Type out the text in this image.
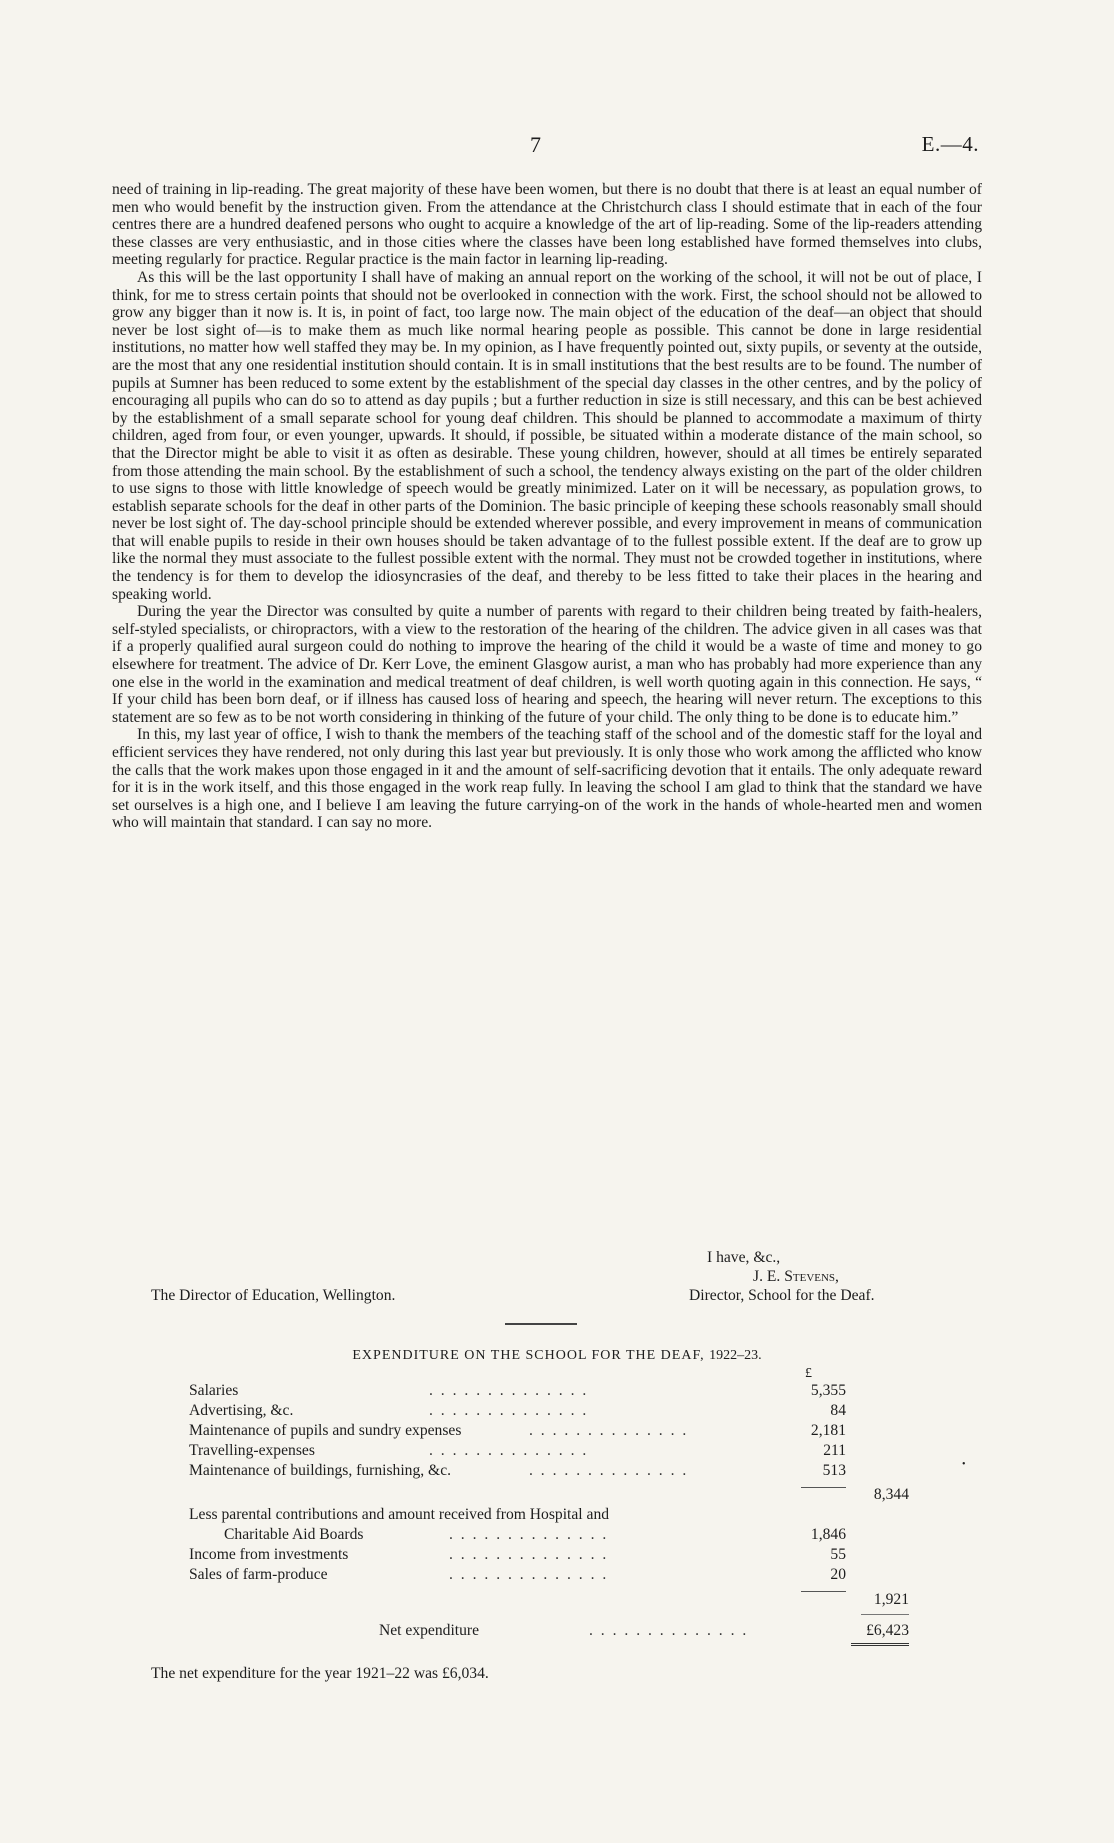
7	E.—4.

need of training in lip-reading. The great majority of these have been women, but there is no doubt that there is at least an equal number of men who would benefit by the instruction given. From the attendance at the Christchurch class I should estimate that in each of the four centres there are a hundred deafened persons who ought to acquire a knowledge of the art of lip-reading. Some of the lip-readers attending these classes are very enthusiastic, and in those cities where the classes have been long established have formed themselves into clubs, meeting regularly for practice. Regular practice is the main factor in learning lip-reading.

As this will be the last opportunity I shall have of making an annual report on the working of the school, it will not be out of place, I think, for me to stress certain points that should not be overlooked in connection with the work. First, the school should not be allowed to grow any bigger than it now is. It is, in point of fact, too large now. The main object of the education of the deaf—an object that should never be lost sight of—is to make them as much like normal hearing people as possible. This cannot be done in large residential institutions, no matter how well staffed they may be. In my opinion, as I have frequently pointed out, sixty pupils, or seventy at the outside, are the most that any one residential institution should contain. It is in small institutions that the best results are to be found. The number of pupils at Sumner has been reduced to some extent by the establishment of the special day classes in the other centres, and by the policy of encouraging all pupils who can do so to attend as day pupils ; but a further reduction in size is still necessary, and this can be best achieved by the establishment of a small separate school for young deaf children. This should be planned to accommodate a maximum of thirty children, aged from four, or even younger, upwards. It should, if possible, be situated within a moderate distance of the main school, so that the Director might be able to visit it as often as desirable. These young children, however, should at all times be entirely separated from those attending the main school. By the establishment of such a school, the tendency always existing on the part of the older children to use signs to those with little knowledge of speech would be greatly minimized. Later on it will be necessary, as population grows, to establish separate schools for the deaf in other parts of the Dominion. The basic principle of keeping these schools reasonably small should never be lost sight of. The day-school principle should be extended wherever possible, and every improvement in means of communication that will enable pupils to reside in their own houses should be taken advantage of to the fullest possible extent. If the deaf are to grow up like the normal they must associate to the fullest possible extent with the normal. They must not be crowded together in institutions, where the tendency is for them to develop the idiosyncrasies of the deaf, and thereby to be less fitted to take their places in the hearing and speaking world.

During the year the Director was consulted by quite a number of parents with regard to their children being treated by faith-healers, self-styled specialists, or chiropractors, with a view to the restoration of the hearing of the children. The advice given in all cases was that if a properly qualified aural surgeon could do nothing to improve the hearing of the child it would be a waste of time and money to go elsewhere for treatment. The advice of Dr. Kerr Love, the eminent Glasgow aurist, a man who has probably had more experience than any one else in the world in the examination and medical treatment of deaf children, is well worth quoting again in this connection. He says, “ If your child has been born deaf, or if illness has caused loss of hearing and speech, the hearing will never return. The exceptions to this statement are so few as to be not worth considering in thinking of the future of your child. The only thing to be done is to educate him.”

In this, my last year of office, I wish to thank the members of the teaching staff of the school and of the domestic staff for the loyal and efficient services they have rendered, not only during this last year but previously. It is only those who work among the afflicted who know the calls that the work makes upon those engaged in it and the amount of self-sacrificing devotion that it entails. The only adequate reward for it is in the work itself, and this those engaged in the work reap fully. In leaving the school I am glad to think that the standard we have set ourselves is a high one, and I believe I am leaving the future carrying-on of the work in the hands of whole-hearted men and women who will maintain that standard. I can say no more.

I have, &c.,
J. E. Stevens,
Director, School for the Deaf.
The Director of Education, Wellington.
EXPENDITURE ON THE SCHOOL FOR THE DEAF, 1922–23.
£
Salaries	. . . . . . . . . . . . . .	5,355
Advertising, &c.	. . . . . . . . . . . . . .	84
Maintenance of pupils and sundry expenses	. . . . . . . . . . . . . .	2,181
Travelling-expenses	. . . . . . . . . . . . . .	211
Maintenance of buildings, furnishing, &c.	. . . . . . . . . . . . . .	513
8,344
Less parental contributions and amount received from Hospital and
Charitable Aid Boards	. . . . . . . . . . . . . .	1,846
Income from investments	. . . . . . . . . . . . . .	55
Sales of farm-produce	. . . . . . . . . . . . . .	20
1,921
Net expenditure	. . . . . . . . . . . . . .	£6,423
•
The net expenditure for the year 1921–22 was £6,034.
